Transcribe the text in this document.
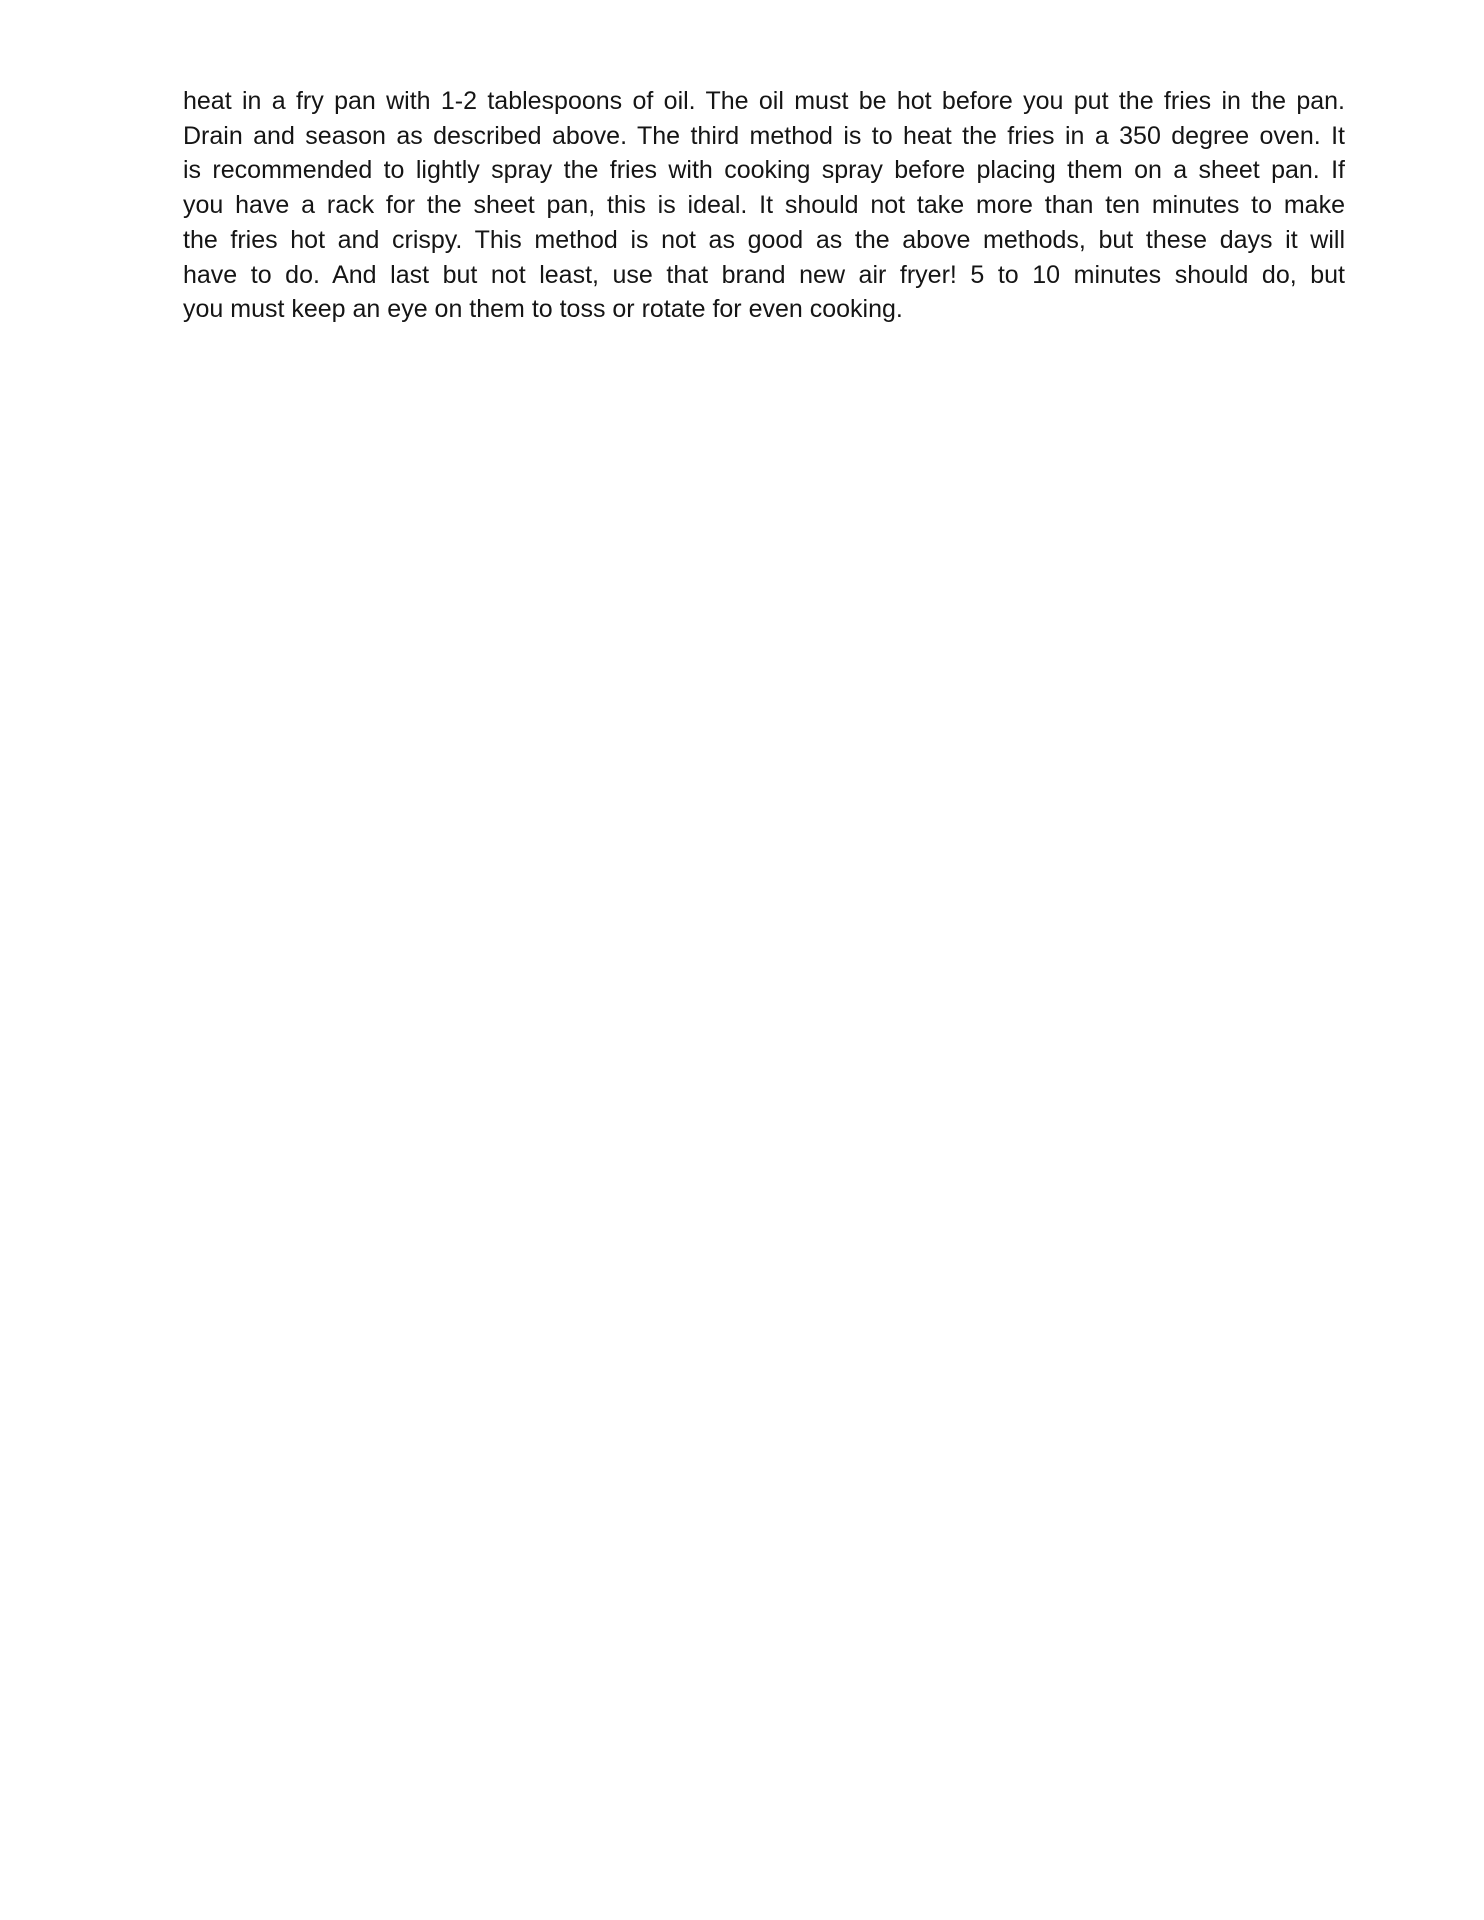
heat in a fry pan with 1-2 tablespoons of oil. The oil must be hot before you put the fries in the pan.
Drain and season as described above. The third method is to heat the fries in a 350 degree oven. It
is recommended to lightly spray the fries with cooking spray before placing them on a sheet pan. If
you have a rack for the sheet pan, this is ideal. It should not take more than ten minutes to make
the fries hot and crispy. This method is not as good as the above methods, but these days it will
have to do. And last but not least, use that brand new air fryer! 5 to 10 minutes should do, but
you must keep an eye on them to toss or rotate for even cooking.
